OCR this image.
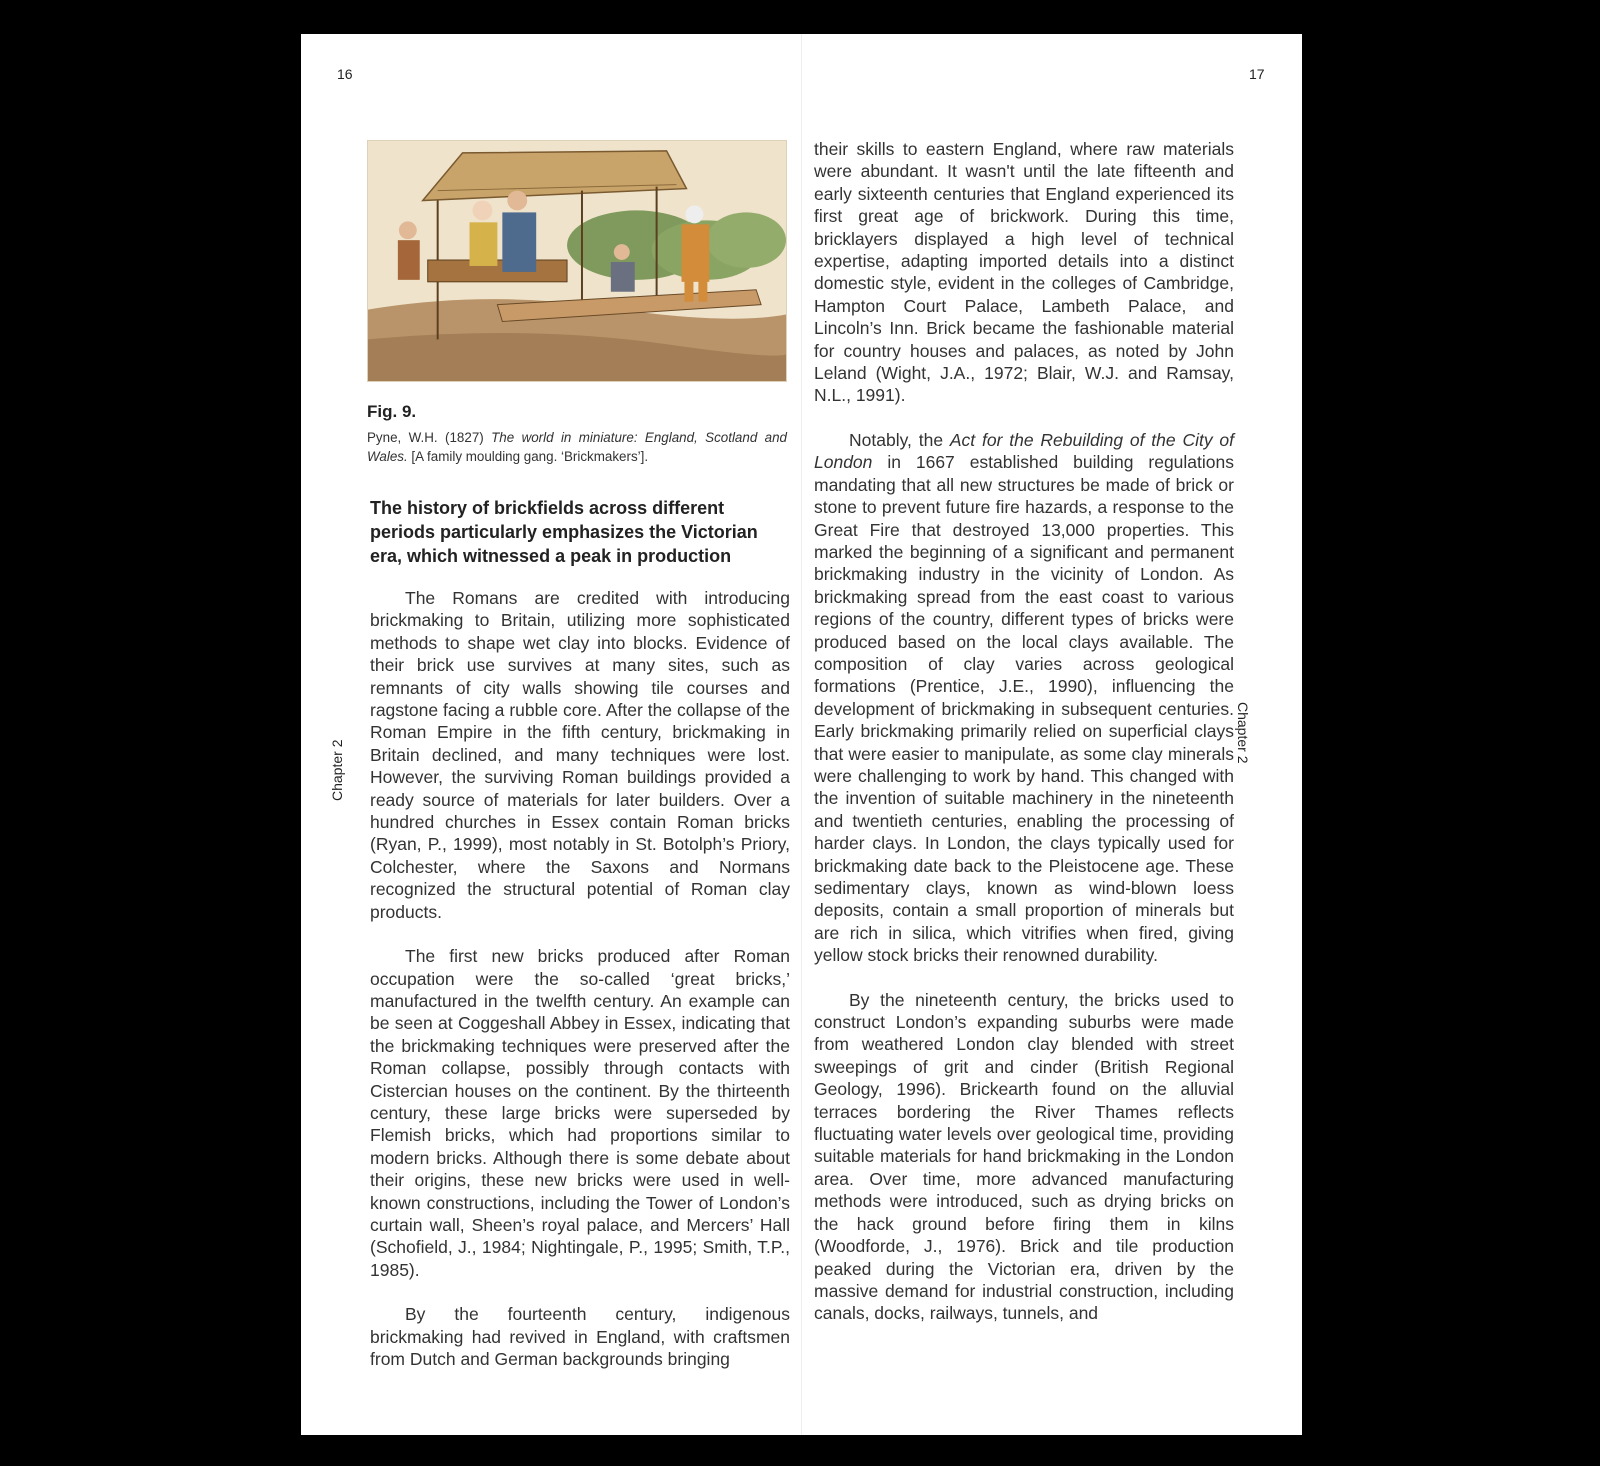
16
Chapter 2
Fig. 9.
Pyne, W.H. (1827) The world in miniature: England, Scotland and Wales. [A family moulding gang. ‘Brickmakers’].
The history of brickfields across different periods particularly emphasizes the Victorian era, which witnessed a peak in production

The Romans are credited with introducing brickmaking to Britain, utilizing more sophisticated methods to shape wet clay into blocks. Evidence of their brick use survives at many sites, such as remnants of city walls showing tile courses and ragstone facing a rubble core. After the collapse of the Roman Empire in the fifth century, brickmaking in Britain declined, and many techniques were lost. However, the surviving Roman buildings provided a ready source of materials for later builders. Over a hundred churches in Essex contain Roman bricks (Ryan, P., 1999), most notably in St. Botolph’s Priory, Colchester, where the Saxons and Normans recognized the structural potential of Roman clay products.

The first new bricks produced after Roman occupation were the so-called ‘great bricks,’ manufactured in the twelfth century. An example can be seen at Coggeshall Abbey in Essex, indicating that the brickmaking techniques were preserved after the Roman collapse, possibly through contacts with Cistercian houses on the continent. By the thirteenth century, these large bricks were superseded by Flemish bricks, which had proportions similar to modern bricks. Although there is some debate about their origins, these new bricks were used in well-known constructions, including the Tower of London’s curtain wall, Sheen’s royal palace, and Mercers’ Hall (Schofield, J., 1984; Nightingale, P., 1995; Smith, T.P., 1985).

By the fourteenth century, indigenous brickmaking had revived in England, with craftsmen from Dutch and German backgrounds bringing

17
Chapter 2

their skills to eastern England, where raw materials were abundant. It wasn't until the late fifteenth and early sixteenth centuries that England experienced its first great age of brickwork. During this time, bricklayers displayed a high level of technical expertise, adapting imported details into a distinct domestic style, evident in the colleges of Cambridge, Hampton Court Palace, Lambeth Palace, and Lincoln’s Inn. Brick became the fashionable material for country houses and palaces, as noted by John Leland (Wight, J.A., 1972; Blair, W.J. and Ramsay, N.L., 1991).

Notably, the Act for the Rebuilding of the City of London in 1667 established building regulations mandating that all new structures be made of brick or stone to prevent future fire hazards, a response to the Great Fire that destroyed 13,000 properties. This marked the beginning of a significant and permanent brickmaking industry in the vicinity of London. As brickmaking spread from the east coast to various regions of the country, different types of bricks were produced based on the local clays available. The composition of clay varies across geological formations (Prentice, J.E., 1990), influencing the development of brickmaking in subsequent centuries. Early brickmaking primarily relied on superficial clays that were easier to manipulate, as some clay minerals were challenging to work by hand. This changed with the invention of suitable machinery in the nineteenth and twentieth centuries, enabling the processing of harder clays. In London, the clays typically used for brickmaking date back to the Pleistocene age. These sedimentary clays, known as wind-blown loess deposits, contain a small proportion of minerals but are rich in silica, which vitrifies when fired, giving yellow stock bricks their renowned durability.

By the nineteenth century, the bricks used to construct London’s expanding suburbs were made from weathered London clay blended with street sweepings of grit and cinder (British Regional Geology, 1996). Brickearth found on the alluvial terraces bordering the River Thames reflects fluctuating water levels over geological time, providing suitable materials for hand brickmaking in the London area. Over time, more advanced manufacturing methods were introduced, such as drying bricks on the hack ground before firing them in kilns (Woodforde, J., 1976). Brick and tile production peaked during the Victorian era, driven by the massive demand for industrial construction, including canals, docks, railways, tunnels, and
